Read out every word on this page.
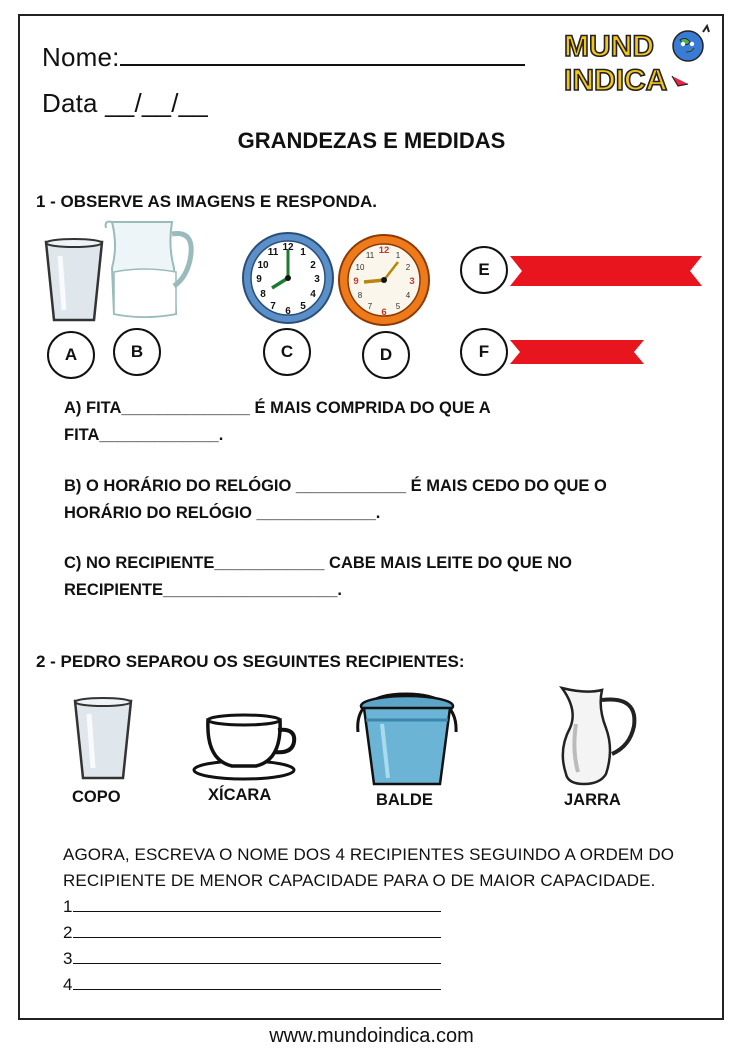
Nome:
Data __/__/__
MUND
INDICA
GRANDEZAS E MEDIDAS
1 - OBSERVE AS IMAGENS E RESPONDA.
12
3
6
9
1
2
4
5
7
8
10
11	12
3
6
9
1
2
4
5
7
8
10
11
A	B	C	D
E
F
A) FITA______________ É MAIS COMPRIDA DO QUE A
FITA_____________.
B) O HORÁRIO DO RELÓGIO ____________ É MAIS CEDO DO QUE O
HORÁRIO DO RELÓGIO _____________.
C) NO RECIPIENTE____________ CABE MAIS LEITE DO QUE NO
RECIPIENTE___________________.
2 - PEDRO SEPAROU OS SEGUINTES RECIPIENTES:
COPO	XÍCARA	BALDE	JARRA
AGORA, ESCREVA O NOME DOS 4 RECIPIENTES SEGUINDO A ORDEM DO
RECIPIENTE DE MENOR CAPACIDADE PARA O DE MAIOR CAPACIDADE.
1
2
3
4
www.mundoindica.com
